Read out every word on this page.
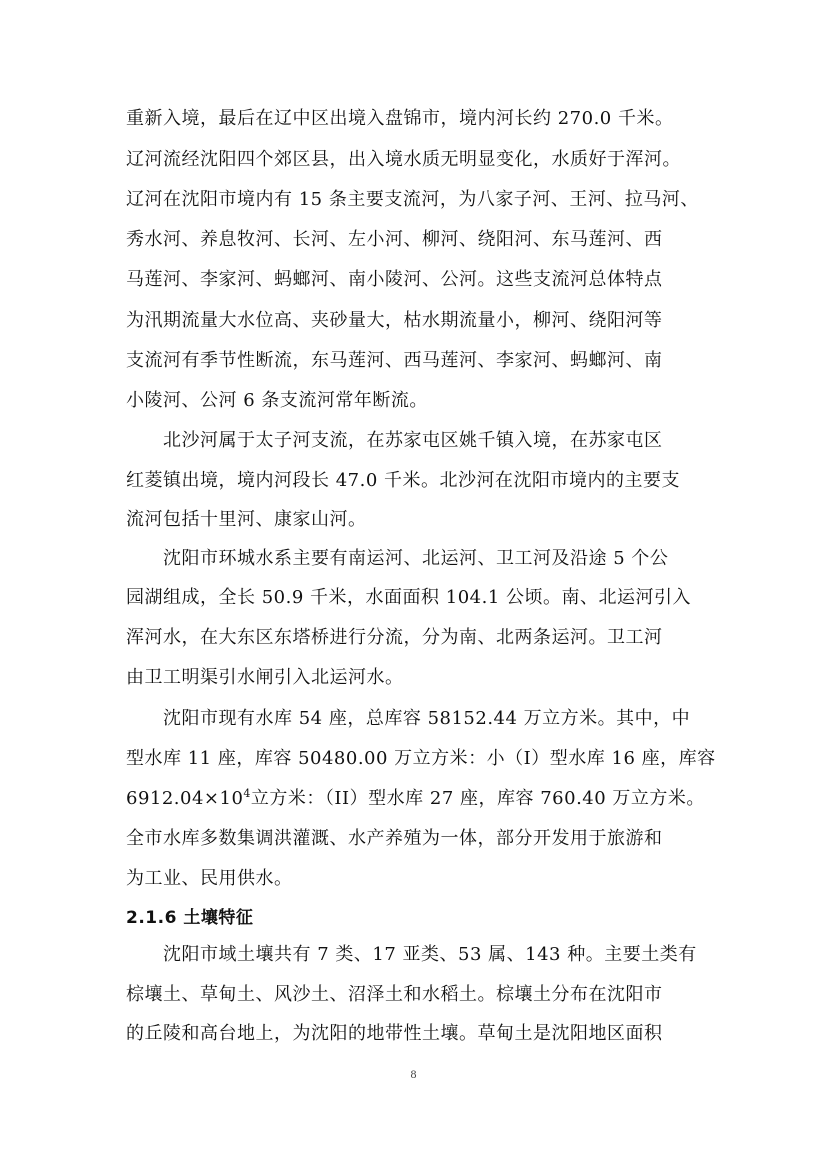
重新入境，最后在辽中区出境入盘锦市，境内河长约 270.0 千米。
辽河流经沈阳四个郊区县，出入境水质无明显变化，水质好于浑河。
辽河在沈阳市境内有 15 条主要支流河，为八家子河、王河、拉马河、
秀水河、养息牧河、长河、左小河、柳河、绕阳河、东马莲河、西
马莲河、李家河、蚂螂河、南小陵河、公河。这些支流河总体特点
为汛期流量大水位高、夹砂量大，枯水期流量小，柳河、绕阳河等
支流河有季节性断流，东马莲河、西马莲河、李家河、蚂螂河、南
小陵河、公河 6 条支流河常年断流。
北沙河属于太子河支流，在苏家屯区姚千镇入境，在苏家屯区
红菱镇出境，境内河段长 47.0 千米。北沙河在沈阳市境内的主要支
流河包括十里河、康家山河。
沈阳市环城水系主要有南运河、北运河、卫工河及沿途 5 个公
园湖组成，全长 50.9 千米，水面面积 104.1 公顷。南、北运河引入
浑河水，在大东区东塔桥进行分流，分为南、北两条运河。卫工河
由卫工明渠引水闸引入北运河水。
沈阳市现有水库 54 座，总库容 58152.44 万立方米。其中，中
型水库 11 座，库容 50480.00 万立方米：小（I）型水库 16 座，库容
$6912.04\times 10^4$立方米：（II）型水库 27 座，库容 760.40 万立方米。
全市水库多数集调洪灌溉、水产养殖为一体，部分开发用于旅游和
为工业、民用供水。
2.1.6 土壤特征
沈阳市域土壤共有 7 类、17 亚类、53 属、143 种。主要土类有
棕壤土、草甸土、风沙土、沼泽土和水稻土。棕壤土分布在沈阳市
的丘陵和高台地上，为沈阳的地带性土壤。草甸土是沈阳地区面积
8
